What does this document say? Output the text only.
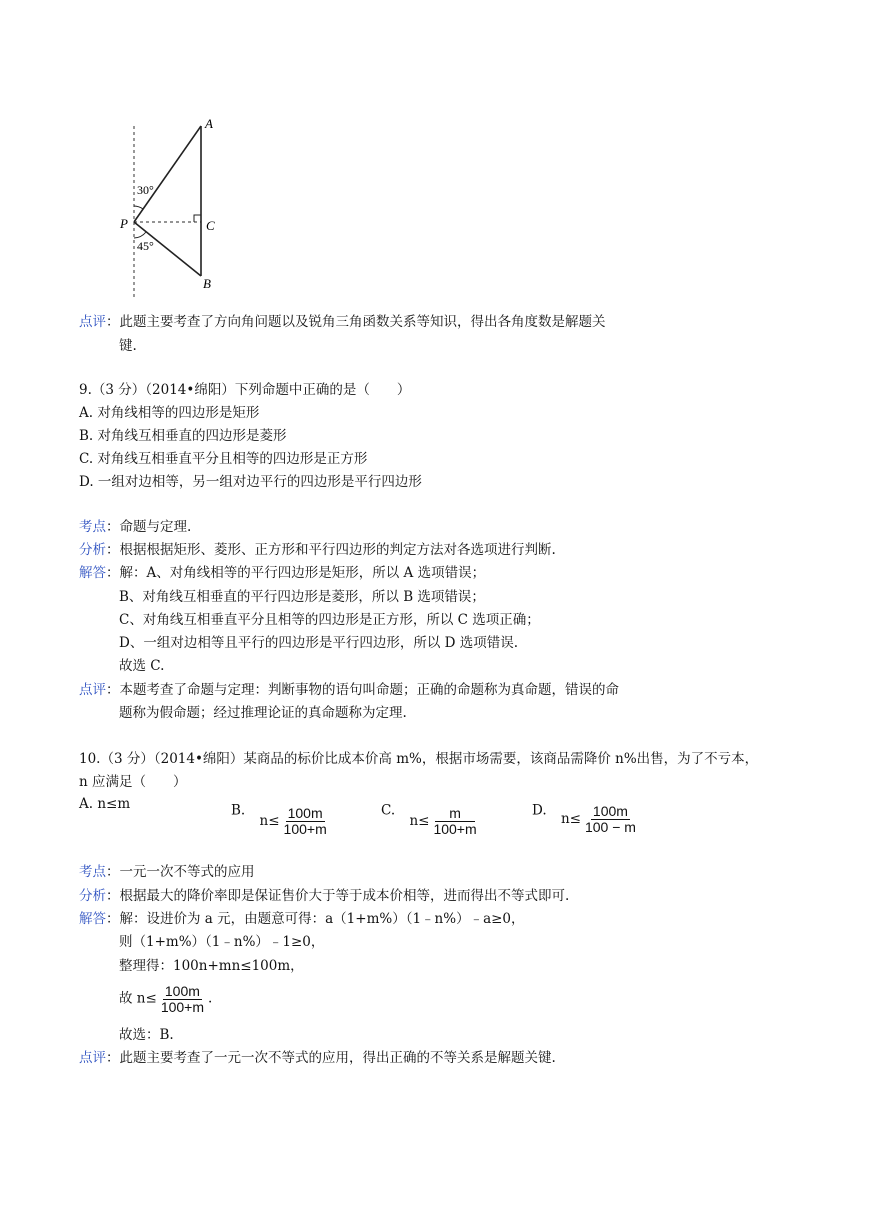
A
B
C
P
30°
45°
点评：此题主要考查了方向角问题以及锐角三角函数关系等知识，得出各角度数是解题关
键.
9.（3 分）（2014•绵阳）下列命题中正确的是（　　）
A. 对角线相等的四边形是矩形
B. 对角线互相垂直的四边形是菱形
C. 对角线互相垂直平分且相等的四边形是正方形
D. 一组对边相等，另一组对边平行的四边形是平行四边形
考点：命题与定理.
分析：根据根据矩形、菱形、正方形和平行四边形的判定方法对各选项进行判断.
解答：解：A、对角线相等的平行四边形是矩形，所以 A 选项错误；
B、对角线互相垂直的平行四边形是菱形，所以 B 选项错误；
C、对角线互相垂直平分且相等的四边形是正方形，所以 C 选项正确；
D、一组对边相等且平行的四边形是平行四边形，所以 D 选项错误.
故选 C.
点评：本题考查了命题与定理：判断事物的语句叫命题；正确的命题称为真命题，错误的命
题称为假命题；经过推理论证的真命题称为定理.
10.（3 分）（2014•绵阳）某商品的标价比成本价高 m%，根据市场需要，该商品需降价 n%出售，为了不亏本，
n 应满足（　　）
A. n≤m	B. $n\le \frac{100m}{100+m}$	C. $n\le \frac{m}{100+m}$	D. $n\le \frac{100m}{100 - m}$
考点：一元一次不等式的应用
分析：根据最大的降价率即是保证售价大于等于成本价相等，进而得出不等式即可.
解答：解：设进价为 a 元，由题意可得：a（1+m%）（1﹣n%）﹣a≥0，
则（1+m%）（1﹣n%）﹣1≥0，
整理得：100n+mn≤100m，
故 $n\le \frac{100m}{100+m}$ .
故选：B.
点评：此题主要考查了一元一次不等式的应用，得出正确的不等关系是解题关键.
